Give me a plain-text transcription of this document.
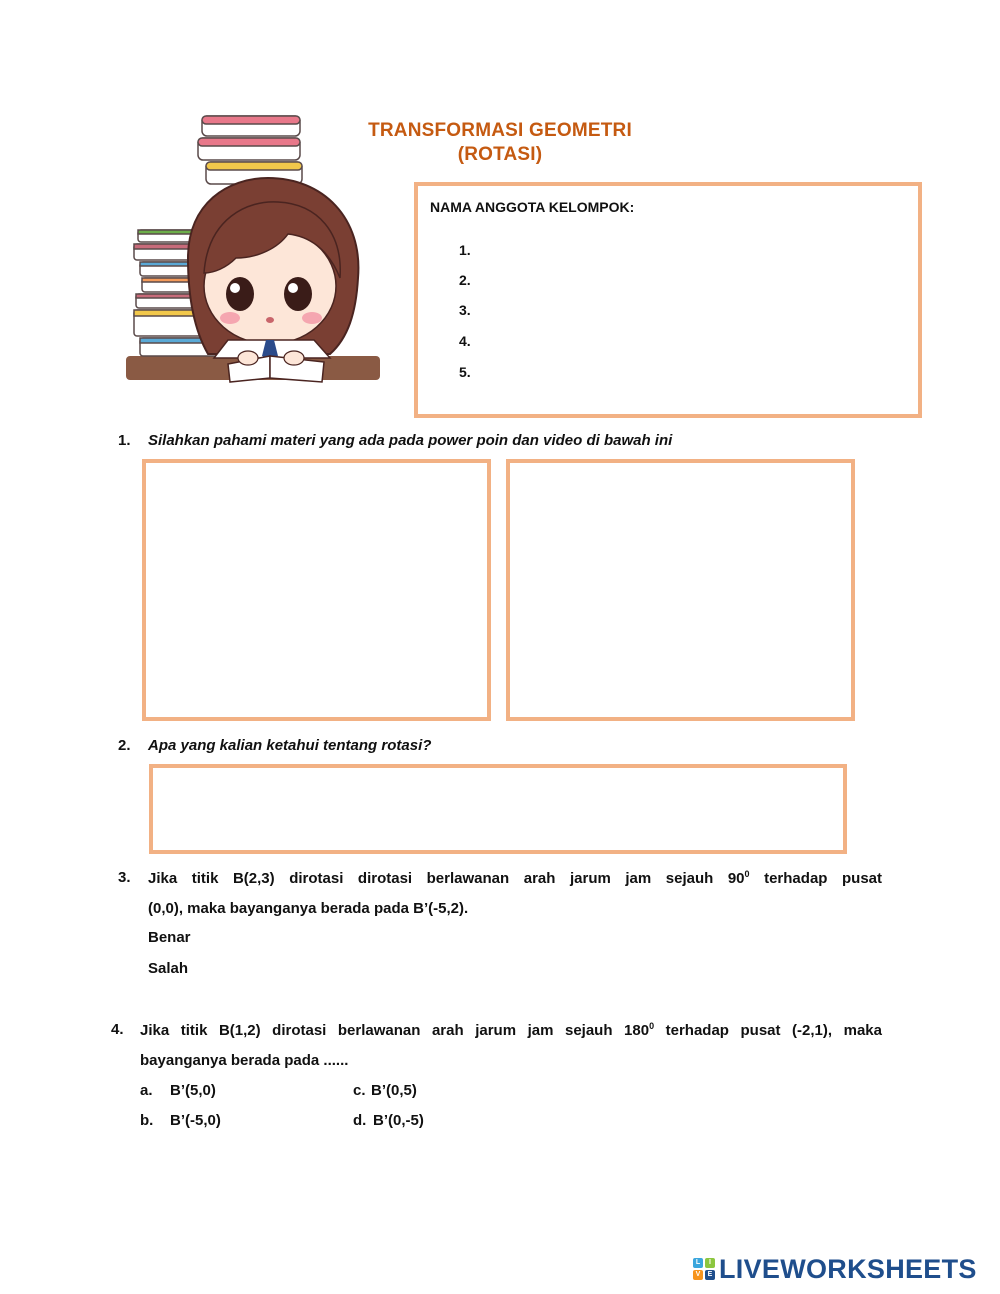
TRANSFORMASI GEOMETRI
(ROTASI)
NAMA ANGGOTA KELOMPOK:
1.
2.
3.
4.
5.
1. Silahkan pahami materi yang ada pada power poin dan video di bawah ini
2. Apa yang kalian ketahui tentang rotasi?
3. Jika titik B(2,3) dirotasi dirotasi berlawanan arah jarum jam sejauh $90^0$ terhadap pusat
(0,0), maka bayanganya berada pada B’(-5,2).
Benar
Salah
4. Jika titik B(1,2) dirotasi berlawanan arah jarum jam sejauh $180^0$ terhadap pusat (-2,1), maka
bayanganya berada pada ......
a. B’(5,0)
b. B’(-5,0)
c. B’(0,5)
d. B’(0,-5)
L	I
V	E LIVEWORKSHEETS
